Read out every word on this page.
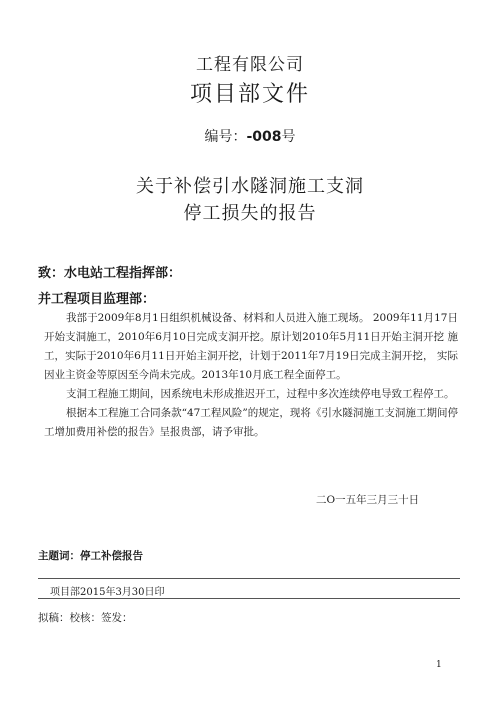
工程有限公司
项目部文件
编号：-008号
关于补偿引水隧洞施工支洞
停工损失的报告
致：水电站工程指挥部：
并工程项目监理部：
我部于2009年8月1日组织机械设备、材料和人员进入施工现场。 2009年11月17日开始支洞施工，2010年6月10日完成支洞开挖。原计划2010年5月11日开始主洞开挖 施工，实际于2010年6月11日开始主洞开挖，计划于2011年7月19日完成主洞开挖， 实际因业主资金等原因至今尚未完成。2013年10月底工程全面停工。
支洞工程施工期间，因系统电未形成推迟开工，过程中多次连续停电导致工程停工。
根据本工程施工合同条款“47工程风险”的规定，现将《引水隧洞施工支洞施工期间停工增加费用补偿的报告》呈报贵部，请予审批。
二O一五年三月三十日
主题词：停工补偿报告
项目部2015年3月30日印
拟稿：校核：签发：
1
